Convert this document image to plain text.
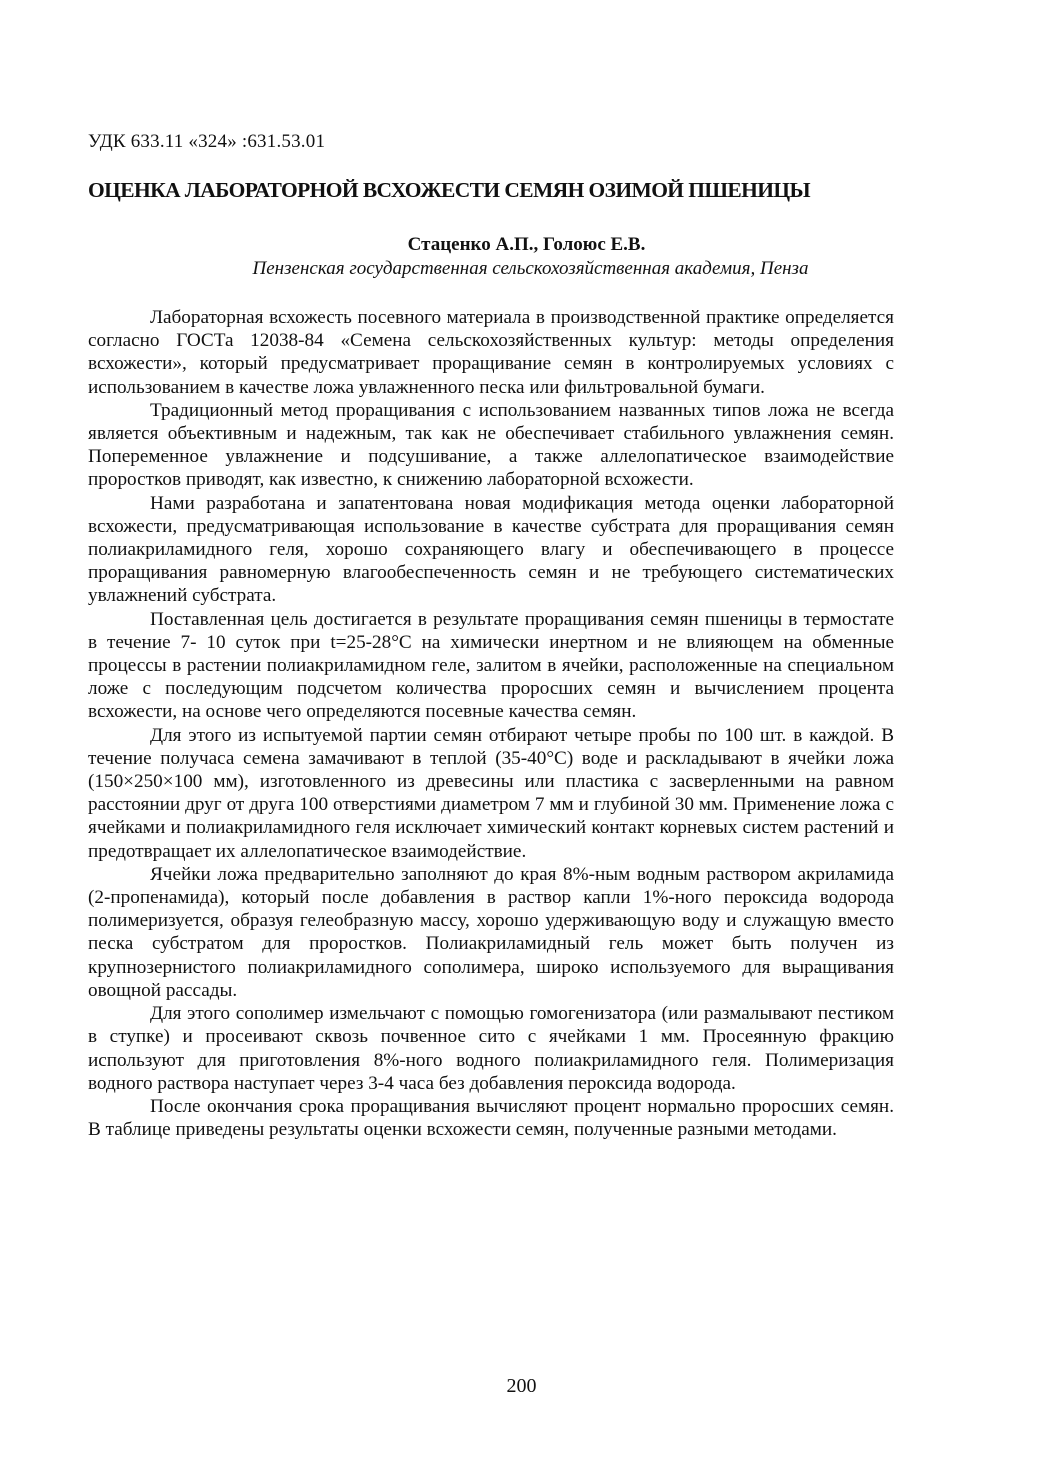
УДК 633.11 «324» :631.53.01
ОЦЕНКА ЛАБОРАТОРНОЙ ВСХОЖЕСТИ СЕМЯН ОЗИМОЙ ПШЕНИЦЫ
Стаценко А.П., Голоюс Е.В.
Пензенская государственная сельскохозяйственная академия, Пенза

Лабораторная всхожесть посевного материала в производственной практике определяется согласно ГОСТа 12038-84 «Семена сельскохозяйственных культур: методы определения всхожести», который предусматривает проращивание семян в контролируемых условиях с использованием в качестве ложа увлажненного песка или фильтровальной бумаги.

Традиционный метод проращивания с использованием названных типов ложа не всегда является объективным и надежным, так как не обеспечивает стабильного увлажнения семян. Попеременное увлажнение и подсушивание, а также аллелопатическое взаимодействие проростков приводят, как известно, к снижению лабораторной всхожести.

Нами разработана и запатентована новая модификация метода оценки лабораторной всхожести, предусматривающая использование в качестве субстрата для проращивания семян полиакриламидного геля, хорошо сохраняющего влагу и обеспечивающего в процессе проращивания равномерную влагообеспеченность семян и не требующего систематических увлажнений субстрата.

Поставленная цель достигается в результате проращивания семян пшеницы в термостате в течение 7- 10 суток при t=25-28°С на химически инертном и не влияющем на обменные процессы в растении полиакриламидном геле, залитом в ячейки, расположенные на специальном ложе с последующим подсчетом количества проросших семян и вычислением процента всхожести, на основе чего определяются посевные качества семян.

Для этого из испытуемой партии семян отбирают четыре пробы по 100 шт. в каждой. В течение получаса семена замачивают в теплой (35-40°С) воде и раскладывают в ячейки ложа (150×250×100 мм), изготовленного из древесины или пластика с засверленными на равном расстоянии друг от друга 100 отверстиями диаметром 7 мм и глубиной 30 мм. Применение ложа с ячейками и полиакриламидного геля исключает химический контакт корневых систем растений и предотвращает их аллелопатическое взаимодействие.

Ячейки ложа предварительно заполняют до края 8%-ным водным раствором акриламида (2-пропенамида), который после добавления в раствор капли 1%-ного пероксида водорода полимеризуется, образуя гелеобразную массу, хорошо удерживающую воду и служащую вместо песка субстратом для проростков. Полиакриламидный гель может быть получен из крупнозернистого полиакриламидного сополимера, широко используемого для выращивания овощной рассады.

Для этого сополимер измельчают с помощью гомогенизатора (или размалывают пестиком в ступке) и просеивают сквозь почвенное сито с ячейками 1 мм. Просеянную фракцию используют для приготовления 8%-ного водного полиакриламидного геля. Полимеризация водного раствора наступает через 3-4 часа без добавления пероксида водорода.

После окончания срока проращивания вычисляют процент нормально проросших семян. В таблице приведены результаты оценки всхожести семян, полученные разными методами.

200
